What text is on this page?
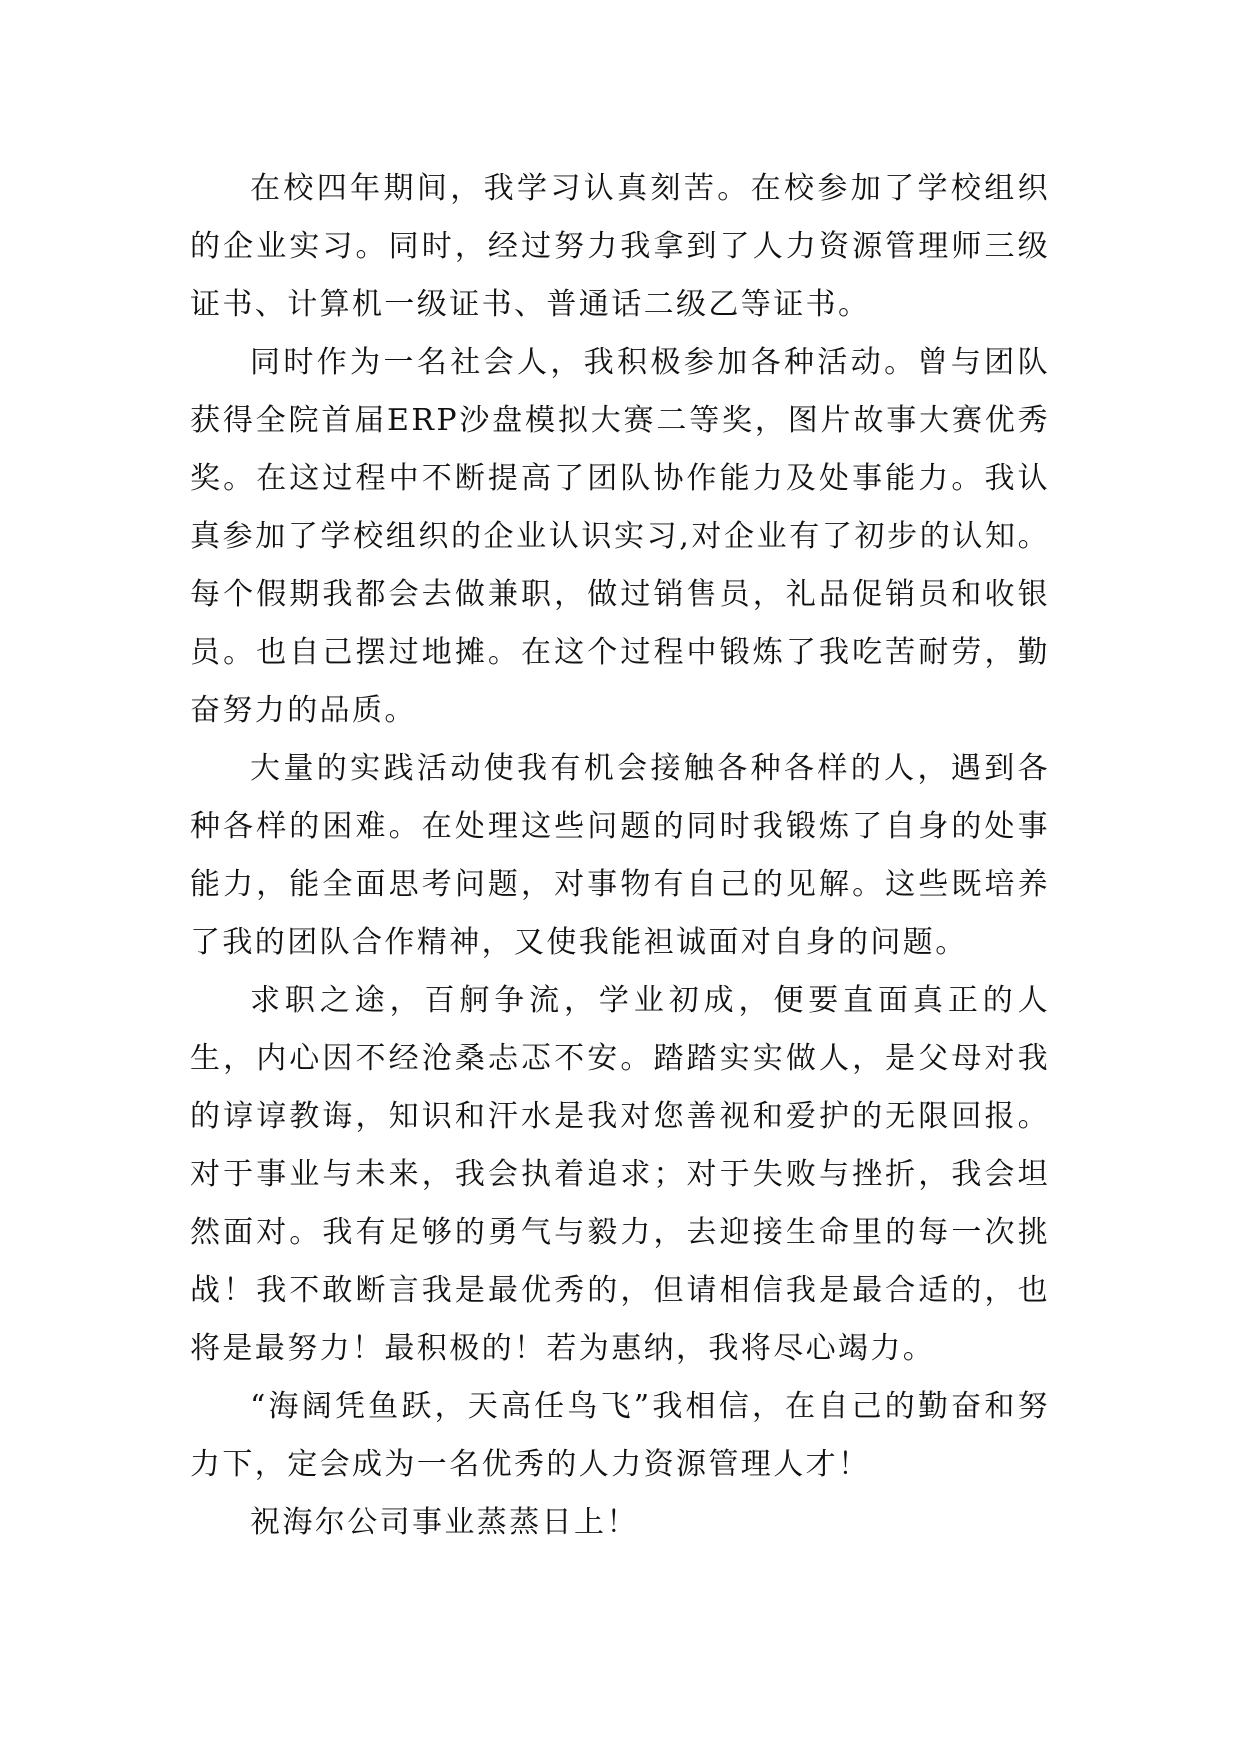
在校四年期间，我学习认真刻苦。在校参加了学校组织的企业实习。同时，经过努力我拿到了人力资源管理师三级证书、计算机一级证书、普通话二级乙等证书。

同时作为一名社会人，我积极参加各种活动。曾与团队获得全院首届ERP沙盘模拟大赛二等奖，图片故事大赛优秀奖。在这过程中不断提高了团队协作能力及处事能力。我认真参加了学校组织的企业认识实习,对企业有了初步的认知。每个假期我都会去做兼职，做过销售员，礼品促销员和收银员。也自己摆过地摊。在这个过程中锻炼了我吃苦耐劳，勤奋努力的品质。

大量的实践活动使我有机会接触各种各样的人，遇到各种各样的困难。在处理这些问题的同时我锻炼了自身的处事能力，能全面思考问题，对事物有自己的见解。这些既培养了我的团队合作精神，又使我能袒诚面对自身的问题。

求职之途，百舸争流，学业初成，便要直面真正的人生，内心因不经沧桑忐忑不安。踏踏实实做人，是父母对我的谆谆教诲，知识和汗水是我对您善视和爱护的无限回报。对于事业与未来，我会执着追求；对于失败与挫折，我会坦然面对。我有足够的勇气与毅力，去迎接生命里的每一次挑战！我不敢断言我是最优秀的，但请相信我是最合适的，也将是最努力！最积极的！若为惠纳，我将尽心竭力。

“海阔凭鱼跃，天高任鸟飞”我相信，在自己的勤奋和努力下，定会成为一名优秀的人力资源管理人才！

祝海尔公司事业蒸蒸日上！
